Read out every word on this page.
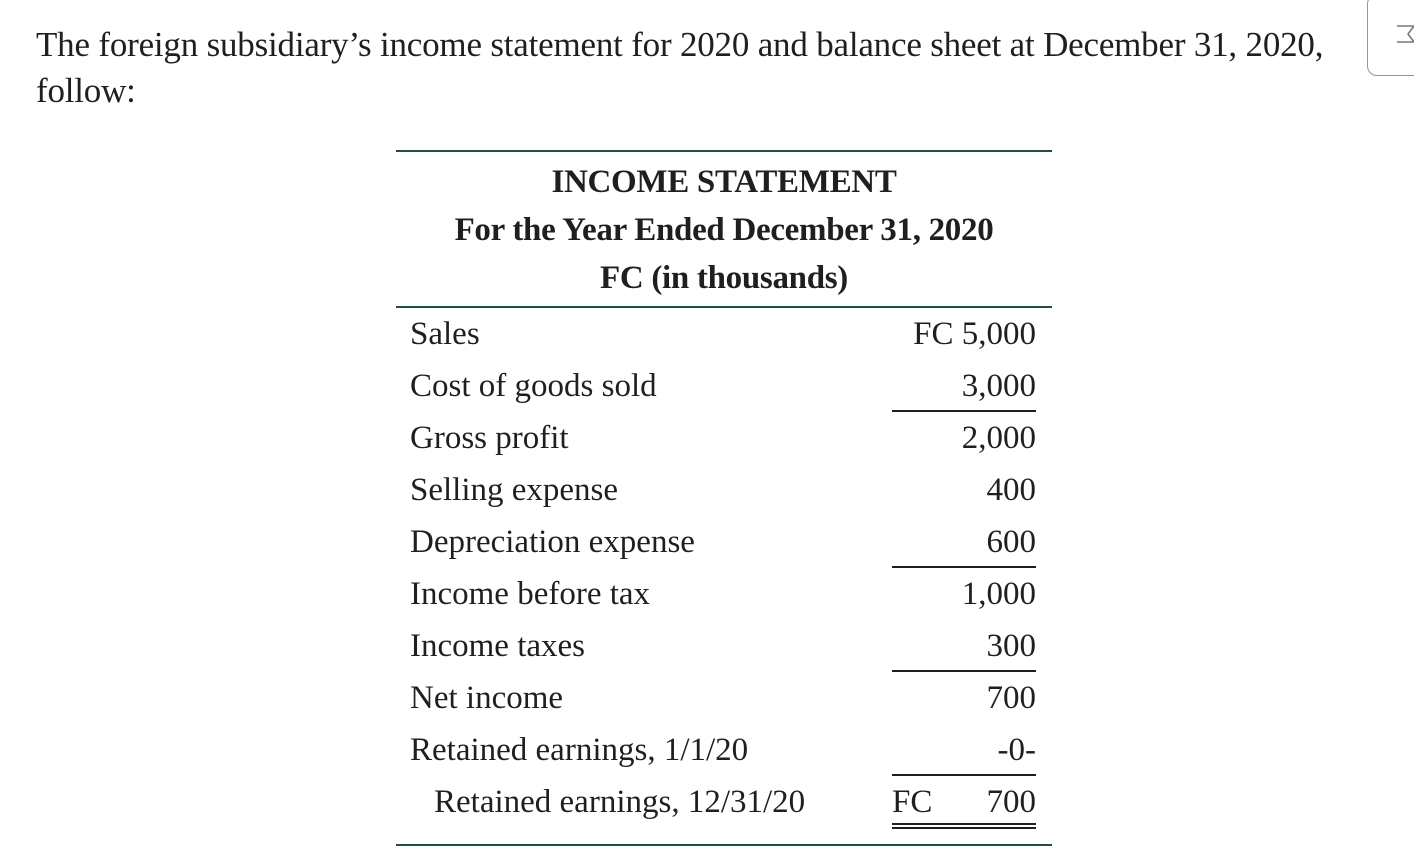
The foreign subsidiary’s income statement for 2020 and balance sheet at December 31, 2020, follow:

INCOME STATEMENT
For the Year Ended December 31, 2020
FC (in thousands)
Sales	FC 5,000
Cost of goods sold	3,000
Gross profit	2,000
Selling expense	400
Depreciation expense	600
Income before tax	1,000
Income taxes	300
Net income	700
Retained earnings, 1/1/20	-0-
Retained earnings, 12/31/20	FC 700
